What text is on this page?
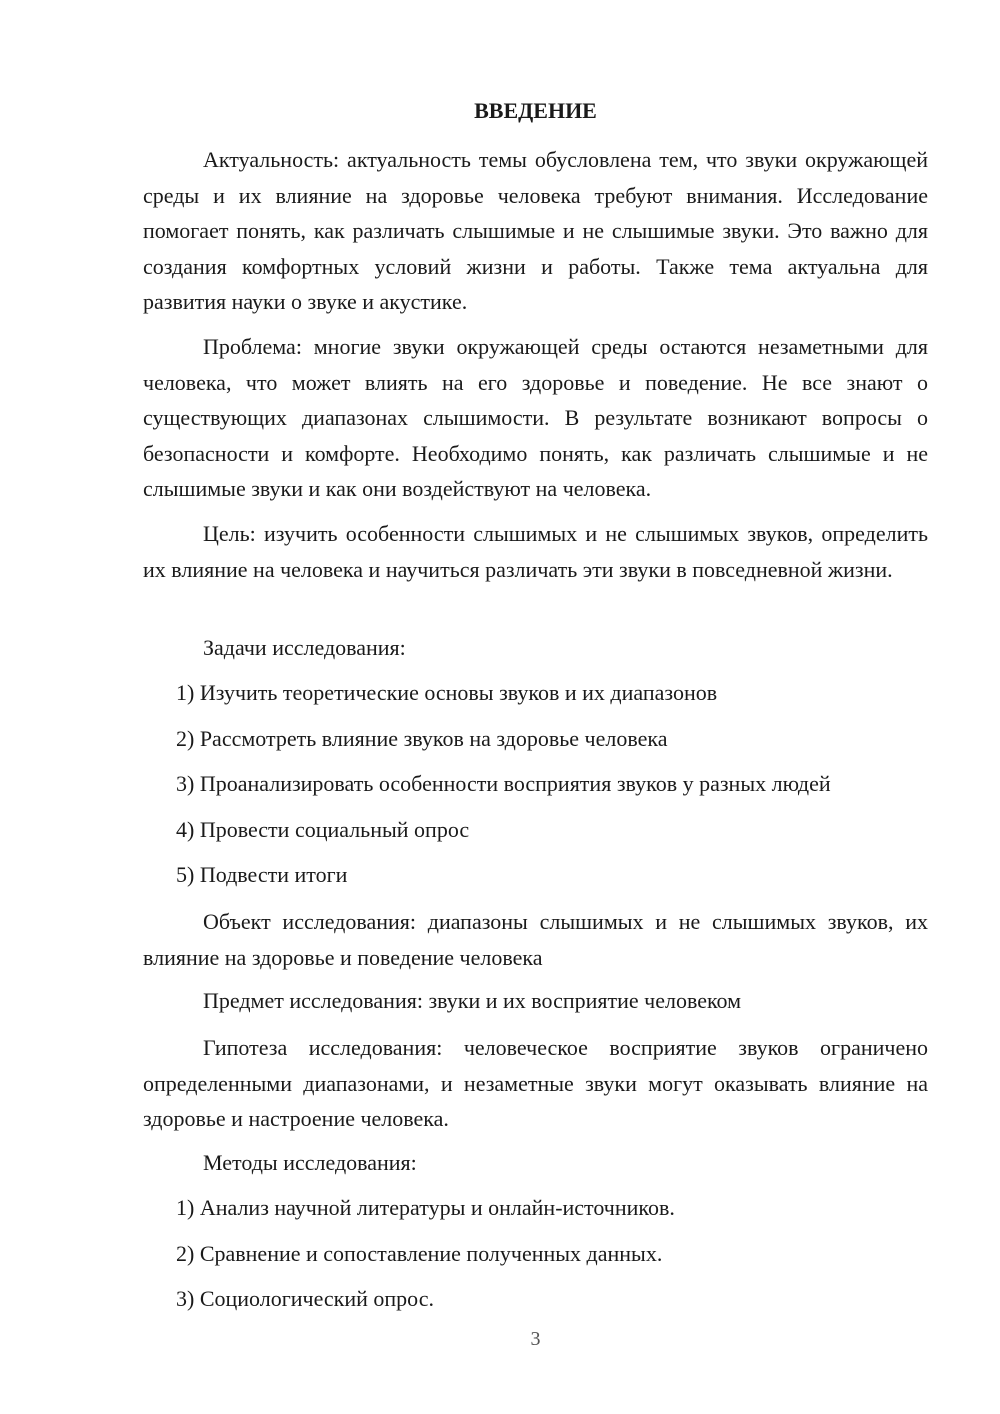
ВВЕДЕНИЕ

Актуальность: актуальность темы обусловлена тем, что звуки окружающей среды и их влияние на здоровье человека требуют внимания. Исследование помогает понять, как различать слышимые и не слышимые звуки. Это важно для создания комфортных условий жизни и работы. Также тема актуальна для развития науки о звуке и акустике.

Проблема: многие звуки окружающей среды остаются незаметными для человека, что может влиять на его здоровье и поведение. Не все знают о существующих диапазонах слышимости. В результате возникают вопросы о безопасности и комфорте. Необходимо понять, как различать слышимые и не слышимые звуки и как они воздействуют на человека.

Цель: изучить особенности слышимых и не слышимых звуков, определить их влияние на человека и научиться различать эти звуки в повседневной жизни.

Задачи исследования:

1) Изучить теоретические основы звуков и их диапазонов

2) Рассмотреть влияние звуков на здоровье человека

3) Проанализировать особенности восприятия звуков у разных людей

4) Провести социальный опрос

5) Подвести итоги

Объект исследования: диапазоны слышимых и не слышимых звуков, их влияние на здоровье и поведение человека

Предмет исследования: звуки и их восприятие человеком

Гипотеза исследования: человеческое восприятие звуков ограничено определенными диапазонами, и незаметные звуки могут оказывать влияние на здоровье и настроение человека.

Методы исследования:

1) Анализ научной литературы и онлайн-источников.

2) Сравнение и сопоставление полученных данных.

3) Социологический опрос.

3
